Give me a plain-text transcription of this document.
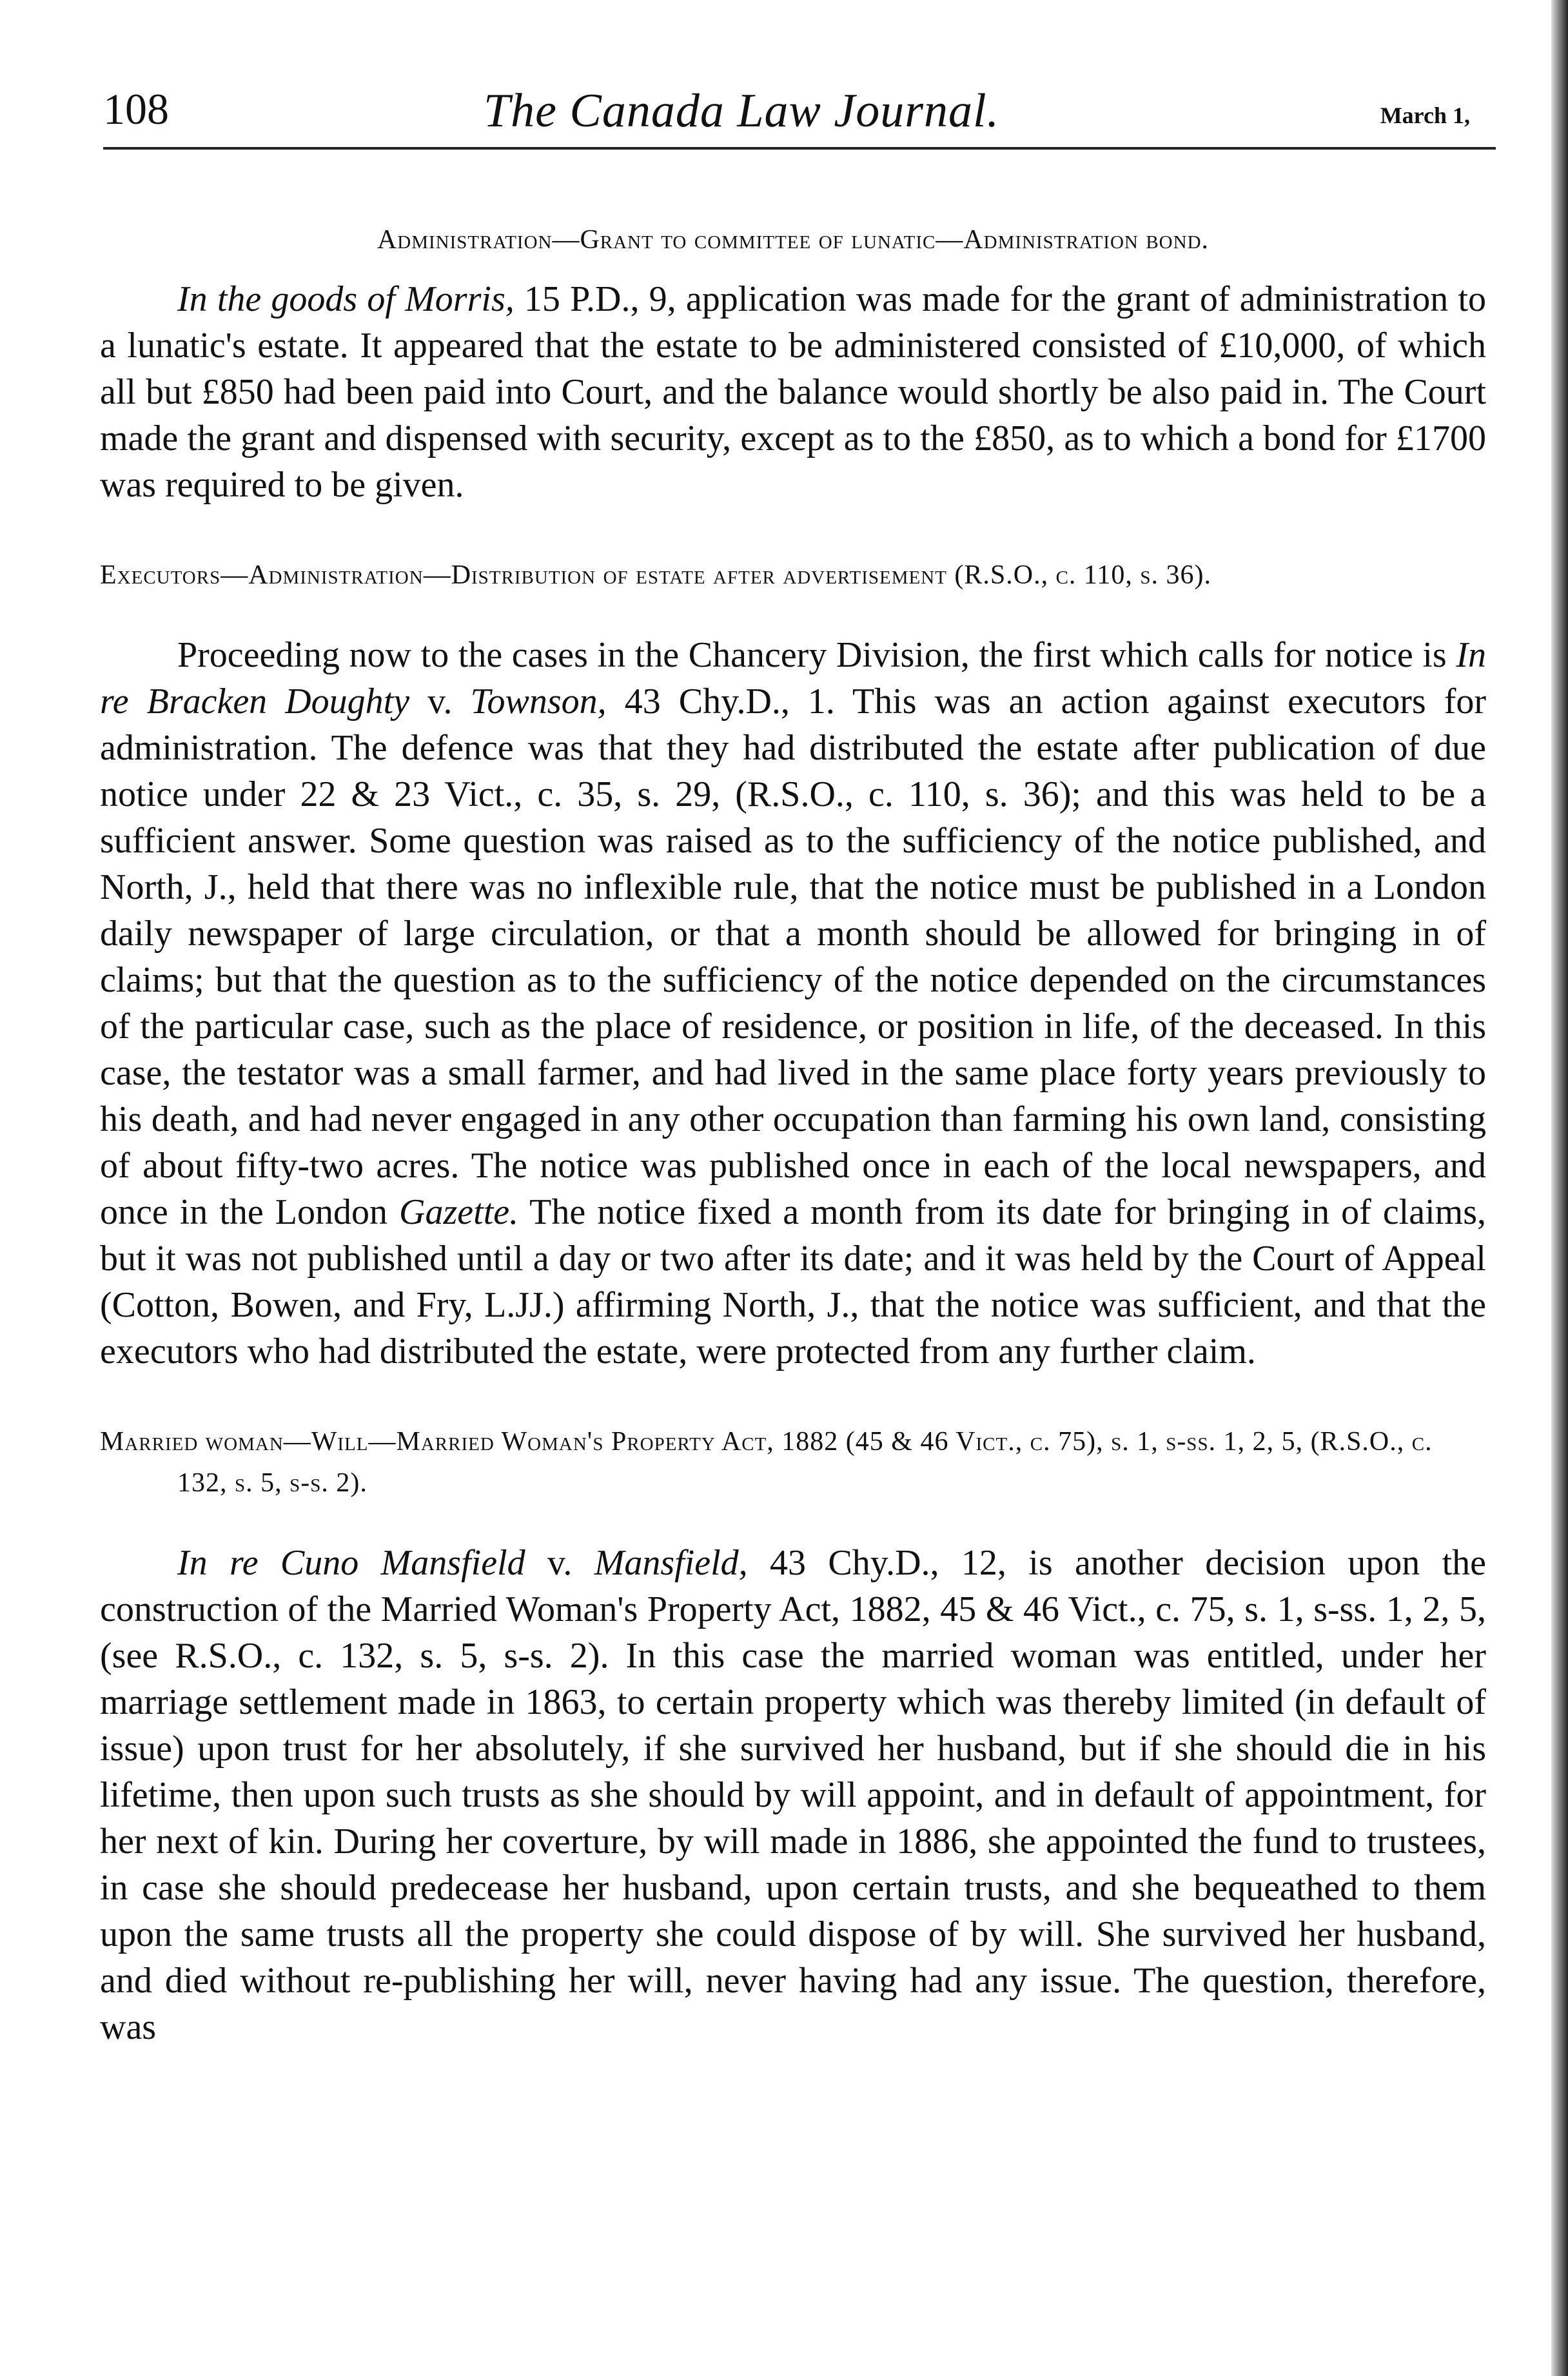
108	The Canada Law Journal.	March 1,

Administration—Grant to committee of lunatic—Administration bond.

In the goods of Morris, 15 P.D., 9, application was made for the grant of administration to a lunatic's estate. It appeared that the estate to be administered consisted of £10,000, of which all but £850 had been paid into Court, and the balance would shortly be also paid in. The Court made the grant and dispensed with security, except as to the £850, as to which a bond for £1700 was required to be given.

Executors—Administration—Distribution of estate after advertisement (R.S.O., c. 110, s. 36).

Proceeding now to the cases in the Chancery Division, the first which calls for notice is In re Bracken Doughty v. Townson, 43 Chy.D., 1. This was an action against executors for administration. The defence was that they had distributed the estate after publication of due notice under 22 & 23 Vict., c. 35, s. 29, (R.S.O., c. 110, s. 36); and this was held to be a sufficient answer. Some question was raised as to the sufficiency of the notice published, and North, J., held that there was no inflexible rule, that the notice must be published in a London daily newspaper of large circulation, or that a month should be allowed for bringing in of claims; but that the question as to the sufficiency of the notice depended on the circumstances of the particular case, such as the place of residence, or position in life, of the deceased. In this case, the testator was a small farmer, and had lived in the same place forty years previously to his death, and had never engaged in any other occupation than farming his own land, consisting of about fifty-two acres. The notice was published once in each of the local newspapers, and once in the London Gazette. The notice fixed a month from its date for bringing in of claims, but it was not published until a day or two after its date; and it was held by the Court of Appeal (Cotton, Bowen, and Fry, L.JJ.) affirming North, J., that the notice was sufficient, and that the executors who had distributed the estate, were protected from any further claim.

Married woman—Will—Married Woman's Property Act, 1882 (45 & 46 Vict., c. 75), s. 1, s-ss. 1, 2, 5, (R.S.O., c. 132, s. 5, s-s. 2).

In re Cuno Mansfield v. Mansfield, 43 Chy.D., 12, is another decision upon the construction of the Married Woman's Property Act, 1882, 45 & 46 Vict., c. 75, s. 1, s-ss. 1, 2, 5, (see R.S.O., c. 132, s. 5, s-s. 2). In this case the married woman was entitled, under her marriage settlement made in 1863, to certain property which was thereby limited (in default of issue) upon trust for her absolutely, if she survived her husband, but if she should die in his lifetime, then upon such trusts as she should by will appoint, and in default of appointment, for her next of kin. During her coverture, by will made in 1886, she appointed the fund to trustees, in case she should predecease her husband, upon certain trusts, and she bequeathed to them upon the same trusts all the property she could dispose of by will. She survived her husband, and died without re-publishing her will, never having had any issue. The question, therefore, was
